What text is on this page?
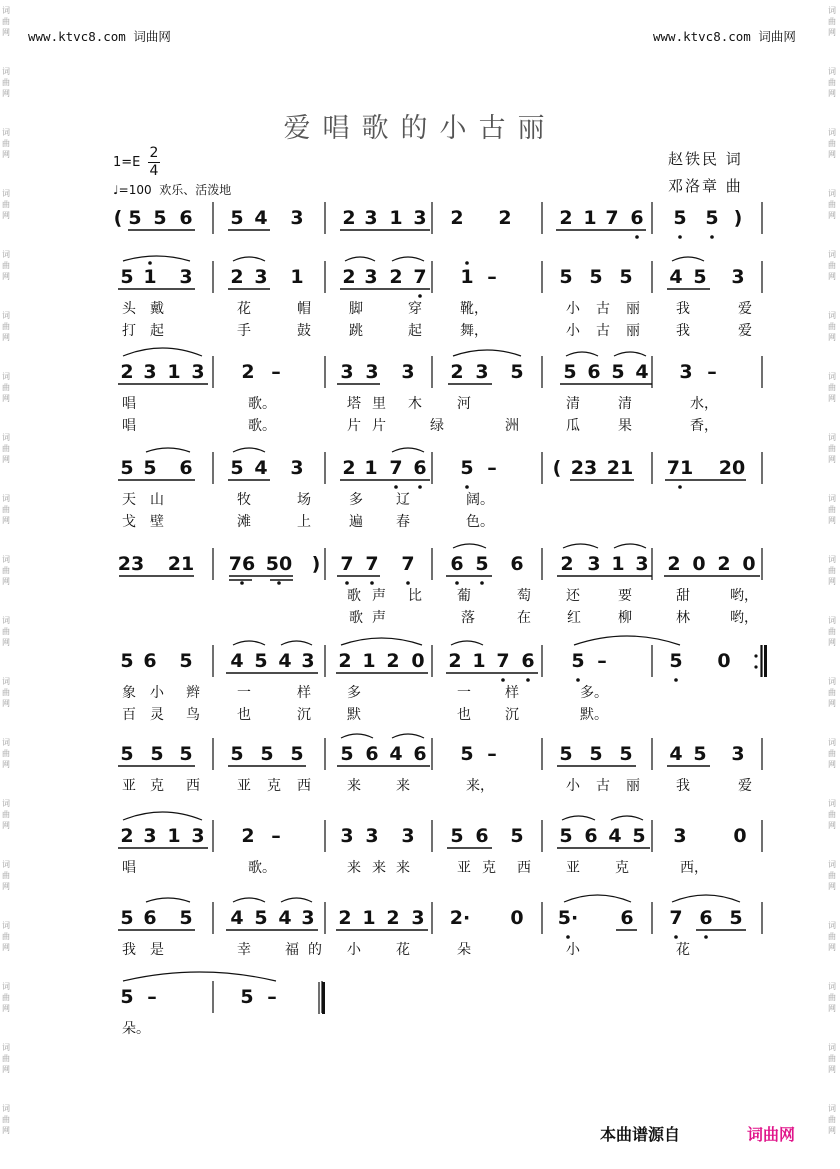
词
曲
网
词
曲
网
词
曲
网
词
曲
网
词
曲
网
词
曲
网
词
曲
网
词
曲
网
词
曲
网
词
曲
网
词
曲
网
词
曲
网
词
曲
网
词
曲
网
词
曲
网
词
曲
网
词
曲
网
词
曲
网
词
曲
网
词
曲
网
词
曲
网
词
曲
网
词
曲
网
词
曲
网
词
曲
网
词
曲
网
词
曲
网
词
曲
网
词
曲
网
词
曲
网
词
曲
网
词
曲
网
词
曲
网
词
曲
网
词
曲
网
词
曲
网
词
曲
网
词
曲
网
www.ktvc8.com 词曲网	www.ktvc8.com 词曲网
爱唱歌的小古丽
赵铁民 词
邓洛章 曲
$1=E \frac{2}{4}$
♩=100 欢乐、活泼地
( 5 5 6 5 4 3 2 3 1 3 2 2	2 1 7 6 5 5 )
5 1 3 2 3 1 2 3 2 7 1 –	5 5 5 4 5 3
2 3 1 3 2 –	3 3 3 2 3 5 5 6 5 4 3 –
5 5 6 5 4 3 2 1 7 6 5 –	( 23 21 71 20
23 21 76 50 ) 7 7 7 6 5 6 2 3 1 3 2 0 2 0
5 6 5 4 5 4 3 2 1 2 0 2 1 7 6 5 –	5 0
5 5 5 5 5 5 5 6 4 6 5 –	5 5 5 4 5 3
2 3 1 3 2 –	3 3 3 5 6 5 5 6 4 5 3 0
5 6 5 4 5 4 3 2 1 2 3 2· 0 5· 6 7 6 5
5 –	5 –
头 戴	花	帽	脚	穿	靴，	小 古 丽	我	爱
打 起	手	鼓	跳	起	舞，	小 古 丽	我	爱
唱	歌。	塔 里 木	河	清	清	水，
唱	歌。	片 片	绿	洲	瓜	果	香，
天 山	牧	场	多 辽	阔。
戈 壁	滩	上	遍 春	色。
歌 声 比	葡	萄	还	要	甜	哟，
歌 声	落	在	红	柳	林	哟，
象 小 辫	一	样	多	一 样	多。
百 灵 鸟	也	沉	默	也 沉	默。
亚 克 西	亚 克 西	来	来	来，	小 古 丽	我	爱
唱	歌。	来 来 来	亚 克 西	亚	克	西，
我 是	幸 福 的 小	花	朵	小	花
朵。
本曲谱源自	词曲网
